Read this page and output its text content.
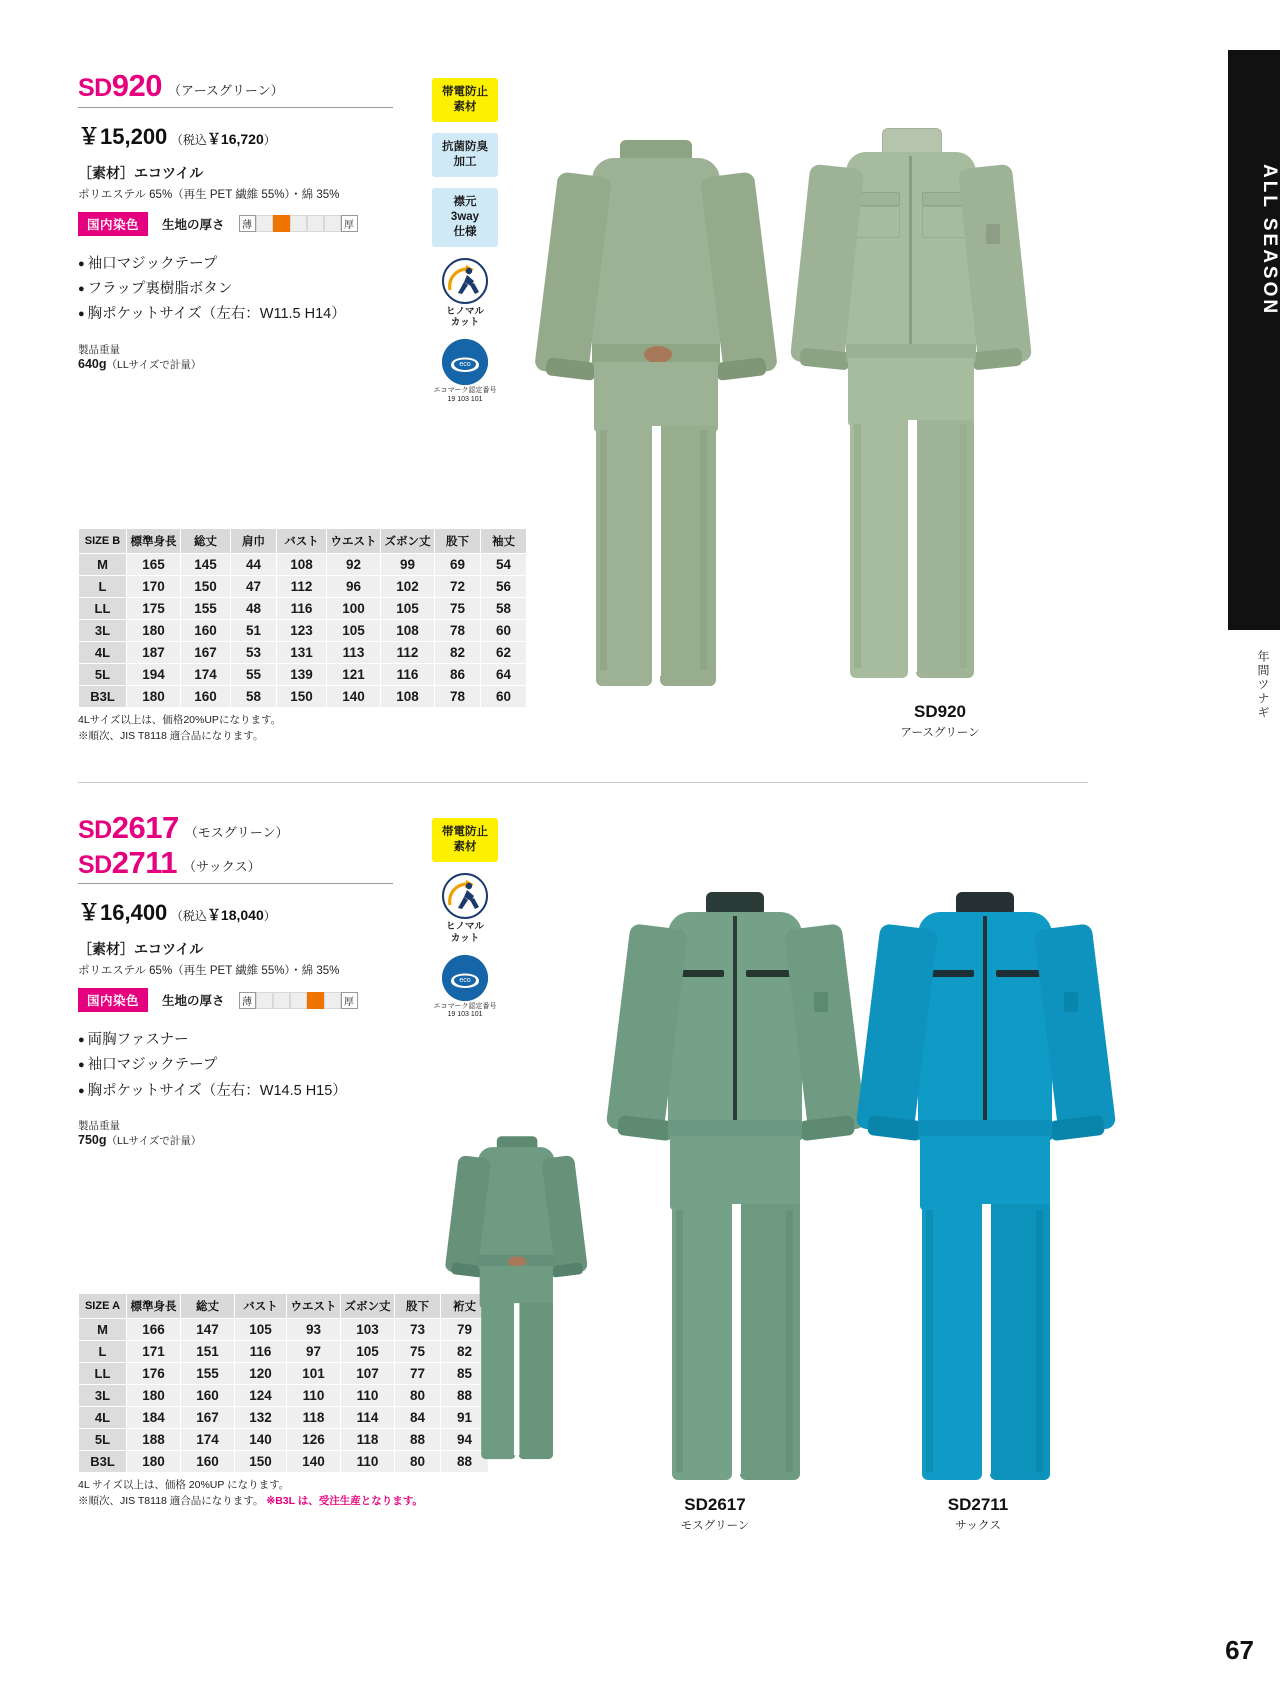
ALL SEASON
年間ツナギ
67
SD920 （アースグリーン）
￥15,200 （税込￥16,720）
［素材］エコツイル
ポリエステル 65%（再生 PET 繊維 55%）・綿 35%
国内染色	生地の厚さ	薄	厚
● 袖口マジックテープ
● フラップ裏樹脂ボタン
● 胸ポケットサイズ（左右：W11.5 H14）
製品重量
640g（LLサイズで計量）
帯電防止
素材
抗菌防臭
加工
襟元
3way
仕様
ヒノマル
カット
eco
エコマーク認定番号
19 103 101
SIZE B	標準身長	総丈	肩巾	バスト	ウエスト	ズボン丈	股下	袖丈
M	165	145	44	108	92	99	69	54
L	170	150	47	112	96	102	72	56
LL	175	155	48	116	100	105	75	58
3L	180	160	51	123	105	108	78	60
4L	187	167	53	131	113	112	82	62
5L	194	174	55	139	121	116	86	64
B3L	180	160	58	150	140	108	78	60
4Lサイズ以上は、価格20%UPになります。
※順次、JIS T8118 適合品になります。
SD920
アースグリーン
SD2617 （モスグリーン）
SD2711 （サックス）
￥16,400 （税込￥18,040）
［素材］エコツイル
ポリエステル 65%（再生 PET 繊維 55%）・綿 35%
国内染色	生地の厚さ	薄	厚
● 両胸ファスナー
● 袖口マジックテープ
● 胸ポケットサイズ（左右：W14.5 H15）
製品重量
750g（LLサイズで計量）
帯電防止
素材
ヒノマル
カット
eco
エコマーク認定番号
19 103 101
SIZE A	標準身長	総丈	バスト	ウエスト	ズボン丈	股下	裄丈
M	166	147	105	93	103	73	79
L	171	151	116	97	105	75	82
LL	176	155	120	101	107	77	85
3L	180	160	124	110	110	80	88
4L	184	167	132	118	114	84	91
5L	188	174	140	126	118	88	94
B3L	180	160	150	140	110	80	88
4L サイズ以上は、価格 20%UP になります。
※順次、JIS T8118 適合品になります。 ※B3L は、受注生産となります。	SD2617
モスグリーン
SD2711
サックス
